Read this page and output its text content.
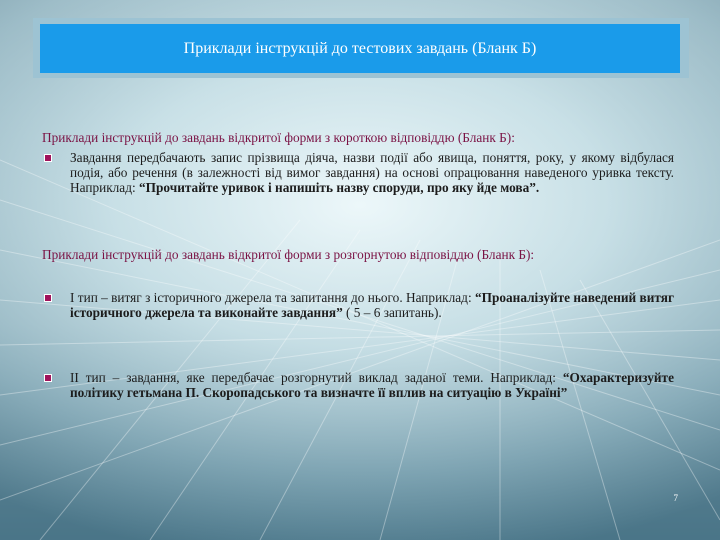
Приклади інструкцій до тестових завдань (Бланк Б)
Приклади інструкцій до завдань відкритої форми з короткою відповіддю (Бланк Б):
Завдання передбачають запис прізвища діяча, назви події або явища, поняття, року, у якому відбулася подія, або речення (в залежності від вимог завдання) на основі опрацювання наведеного уривка тексту. Наприклад: “Прочитайте уривок і напишіть назву споруди, про яку йде мова”.
Приклади інструкцій до завдань відкритої форми з розгорнутою відповіддю (Бланк Б):
І тип – витяг з історичного джерела та запитання до нього. Наприклад: “Проаналізуйте наведений витяг історичного джерела та виконайте завдання” ( 5 – 6 запитань).
ІІ тип – завдання, яке передбачає розгорнутий виклад заданої теми. Наприклад: “Охарактеризуйте політику гетьмана П. Скоропадського та визначте її вплив на ситуацію в Україні”
7
